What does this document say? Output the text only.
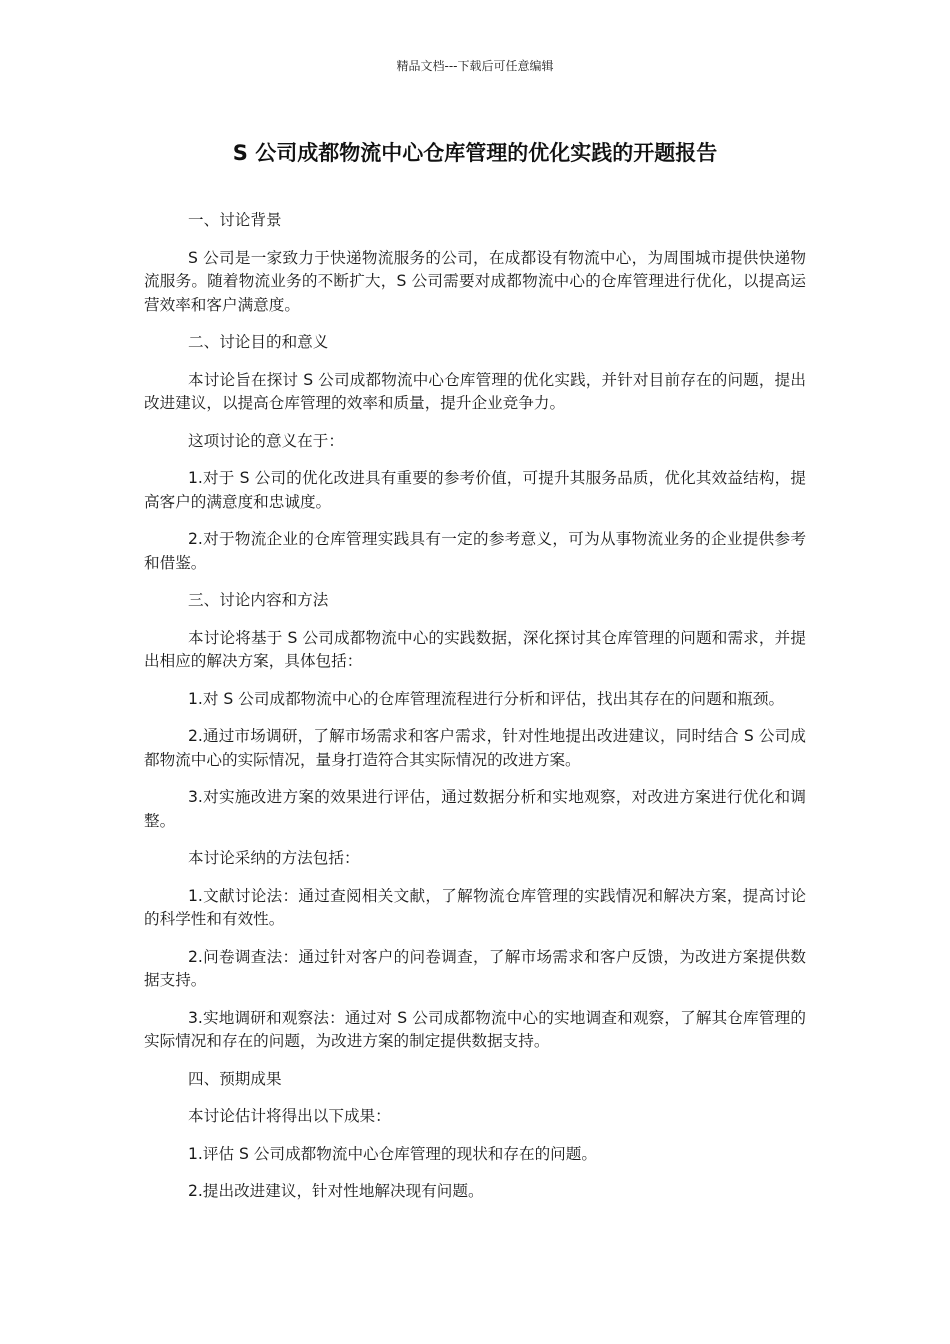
精品文档---下载后可任意编辑
S 公司成都物流中心仓库管理的优化实践的开题报告

一、讨论背景

S 公司是一家致力于快递物流服务的公司，在成都设有物流中心，为周围城市提供快递物流服务。随着物流业务的不断扩大，S 公司需要对成都物流中心的仓库管理进行优化，以提高运营效率和客户满意度。

二、讨论目的和意义

本讨论旨在探讨 S 公司成都物流中心仓库管理的优化实践，并针对目前存在的问题，提出改进建议，以提高仓库管理的效率和质量，提升企业竞争力。

这项讨论的意义在于：

1.对于 S 公司的优化改进具有重要的参考价值，可提升其服务品质，优化其效益结构，提高客户的满意度和忠诚度。

2.对于物流企业的仓库管理实践具有一定的参考意义，可为从事物流业务的企业提供参考和借鉴。

三、讨论内容和方法

本讨论将基于 S 公司成都物流中心的实践数据，深化探讨其仓库管理的问题和需求，并提出相应的解决方案，具体包括：

1.对 S 公司成都物流中心的仓库管理流程进行分析和评估，找出其存在的问题和瓶颈。

2.通过市场调研，了解市场需求和客户需求，针对性地提出改进建议，同时结合 S 公司成都物流中心的实际情况，量身打造符合其实际情况的改进方案。

3.对实施改进方案的效果进行评估，通过数据分析和实地观察，对改进方案进行优化和调整。

本讨论采纳的方法包括：

1.文献讨论法：通过查阅相关文献，了解物流仓库管理的实践情况和解决方案，提高讨论的科学性和有效性。

2.问卷调查法：通过针对客户的问卷调查，了解市场需求和客户反馈，为改进方案提供数据支持。

3.实地调研和观察法：通过对 S 公司成都物流中心的实地调查和观察，了解其仓库管理的实际情况和存在的问题，为改进方案的制定提供数据支持。

四、预期成果

本讨论估计将得出以下成果：

1.评估 S 公司成都物流中心仓库管理的现状和存在的问题。

2.提出改进建议，针对性地解决现有问题。
